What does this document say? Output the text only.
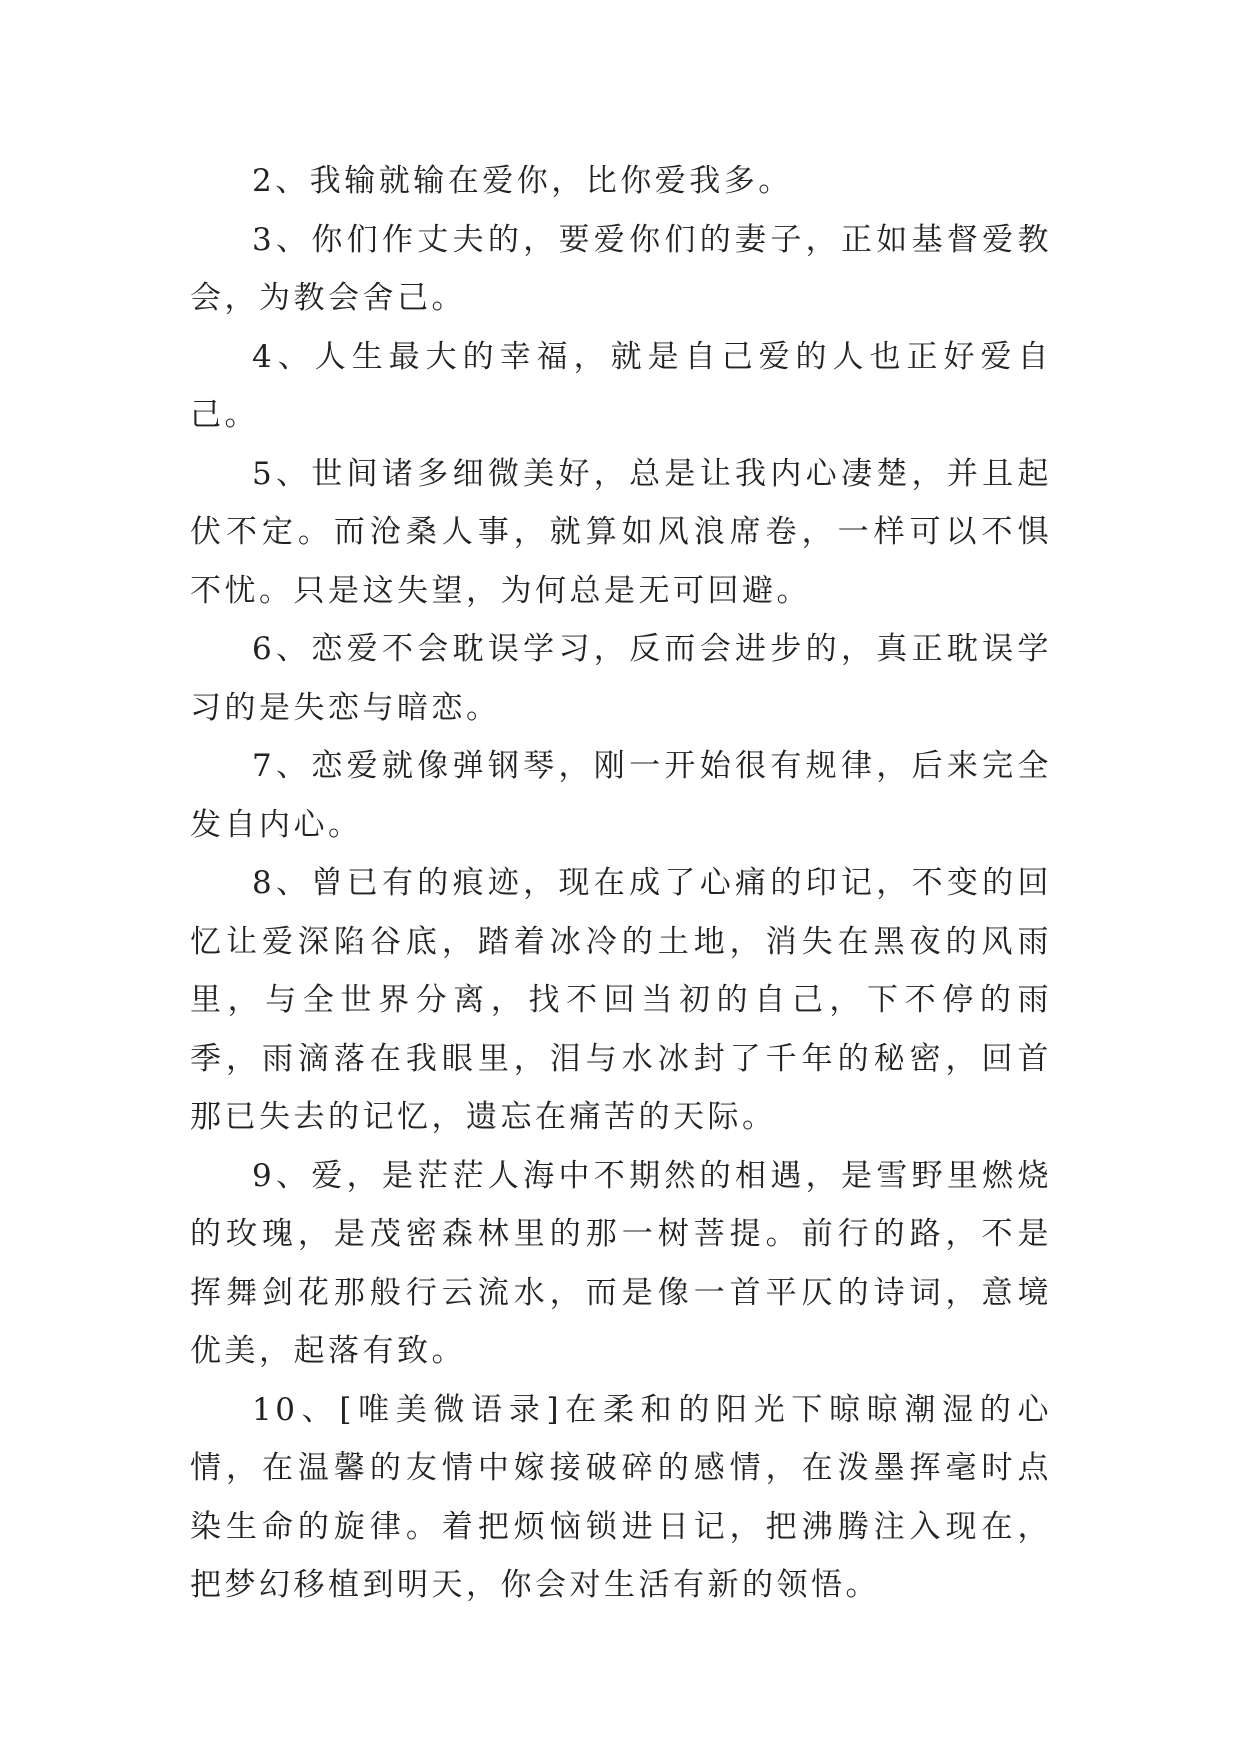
2、我输就输在爱你，比你爱我多。

3、你们作丈夫的，要爱你们的妻子，正如基督爱教会，为教会舍己。

4、人生最大的幸福，就是自己爱的人也正好爱自己。

5、世间诸多细微美好，总是让我内心凄楚，并且起伏不定。而沧桑人事，就算如风浪席卷，一样可以不惧不忧。只是这失望，为何总是无可回避。

6、恋爱不会耽误学习，反而会进步的，真正耽误学习的是失恋与暗恋。

7、恋爱就像弹钢琴，刚一开始很有规律，后来完全发自内心。

8、曾已有的痕迹，现在成了心痛的印记，不变的回忆让爱深陷谷底，踏着冰冷的土地，消失在黑夜的风雨里，与全世界分离，找不回当初的自己，下不停的雨季，雨滴落在我眼里，泪与水冰封了千年的秘密，回首那已失去的记忆，遗忘在痛苦的天际。

9、爱，是茫茫人海中不期然的相遇，是雪野里燃烧的玫瑰，是茂密森林里的那一树菩提。前行的路，不是挥舞剑花那般行云流水，而是像一首平仄的诗词，意境优美，起落有致。

10、[唯美微语录]在柔和的阳光下晾晾潮湿的心情，在温馨的友情中嫁接破碎的感情，在泼墨挥毫时点染生命的旋律。着把烦恼锁进日记，把沸腾注入现在，把梦幻移植到明天，你会对生活有新的领悟。
